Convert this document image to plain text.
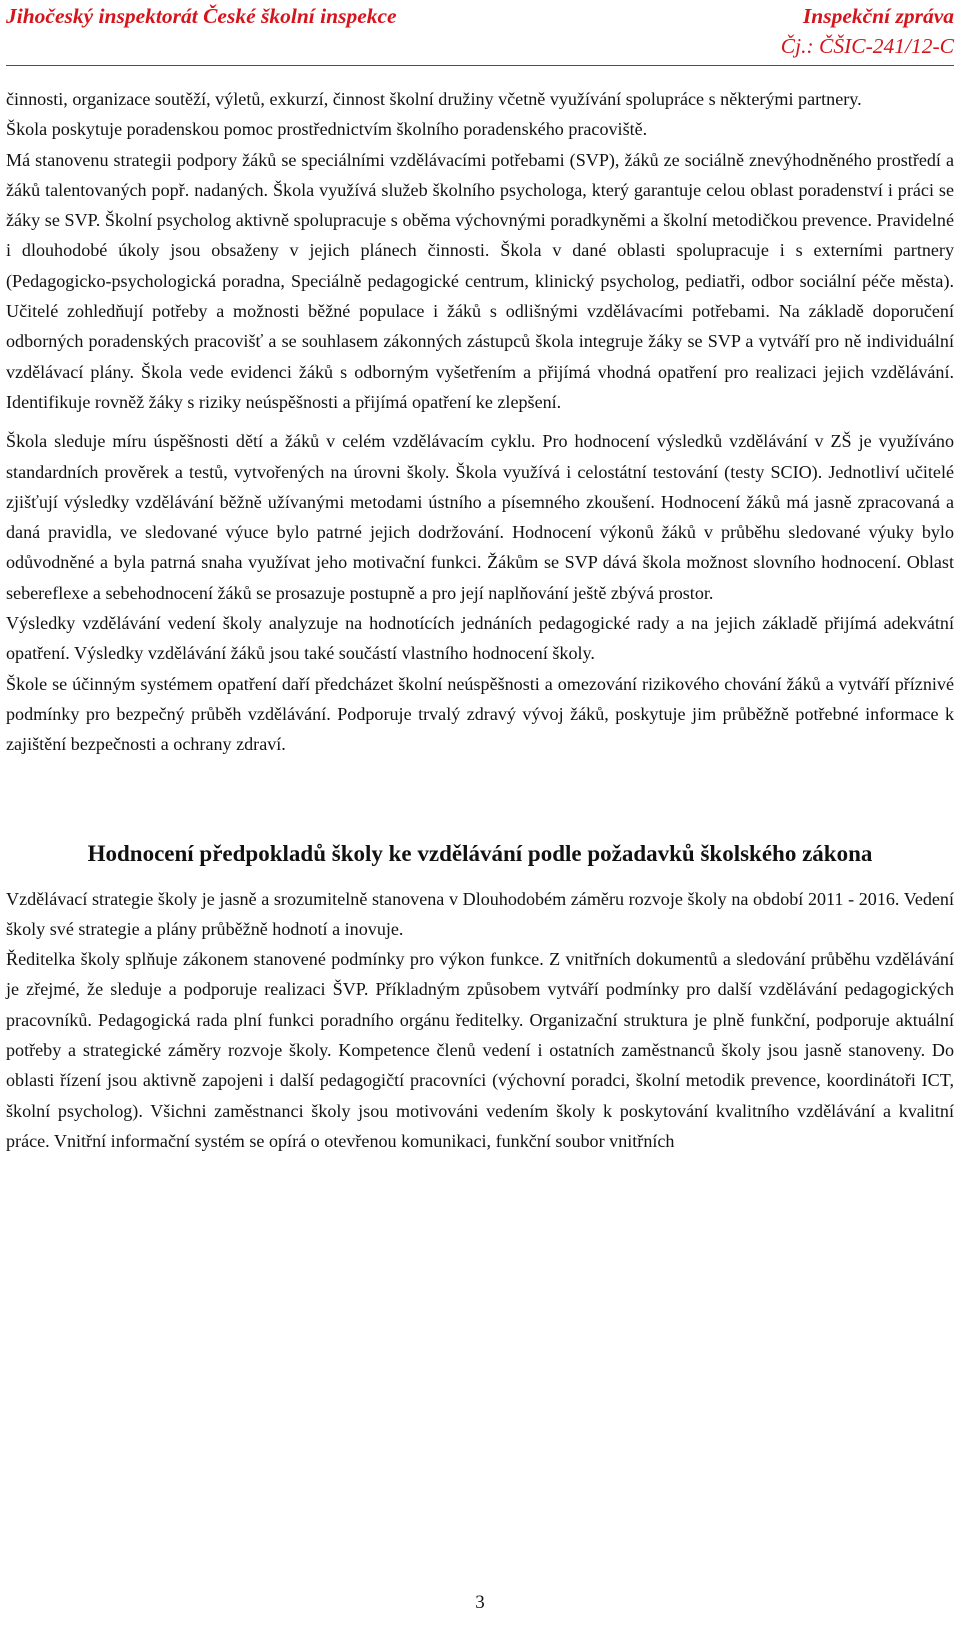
Jihočeský inspektorát České školní inspekce	Inspekční zpráva
Čj.: ČŠIC-241/12-C

činnosti, organizace soutěží, výletů, exkurzí, činnost školní družiny včetně využívání spolupráce s některými partnery.

Škola poskytuje poradenskou pomoc prostřednictvím školního poradenského pracoviště.

Má stanovenu strategii podpory žáků se speciálními vzdělávacími potřebami (SVP), žáků ze sociálně znevýhodněného prostředí a žáků talentovaných popř. nadaných. Škola využívá služeb školního psychologa, který garantuje celou oblast poradenství i práci se žáky se SVP. Školní psycholog aktivně spolupracuje s oběma výchovnými poradkyněmi a školní metodičkou prevence. Pravidelné i dlouhodobé úkoly jsou obsaženy v jejich plánech činnosti. Škola v dané oblasti spolupracuje i s externími partnery (Pedagogicko-psychologická poradna, Speciálně pedagogické centrum, klinický psycholog, pediatři, odbor sociální péče města). Učitelé zohledňují potřeby a možnosti běžné populace i žáků s odlišnými vzdělávacími potřebami. Na základě doporučení odborných poradenských pracovišť a se souhlasem zákonných zástupců škola integruje žáky se SVP a vytváří pro ně individuální vzdělávací plány. Škola vede evidenci žáků s odborným vyšetřením a přijímá vhodná opatření pro realizaci jejich vzdělávání. Identifikuje rovněž žáky s riziky neúspěšnosti a přijímá opatření ke zlepšení.

Škola sleduje míru úspěšnosti dětí a žáků v celém vzdělávacím cyklu. Pro hodnocení výsledků vzdělávání v ZŠ je využíváno standardních prověrek a testů, vytvořených na úrovni školy. Škola využívá i celostátní testování (testy SCIO). Jednotliví učitelé zjišťují výsledky vzdělávání běžně užívanými metodami ústního a písemného zkoušení. Hodnocení žáků má jasně zpracovaná a daná pravidla, ve sledované výuce bylo patrné jejich dodržování. Hodnocení výkonů žáků v průběhu sledované výuky bylo odůvodněné a byla patrná snaha využívat jeho motivační funkci. Žákům se SVP dává škola možnost slovního hodnocení. Oblast sebereflexe a sebehodnocení žáků se prosazuje postupně a pro její naplňování ještě zbývá prostor.

Výsledky vzdělávání vedení školy analyzuje na hodnotících jednáních pedagogické rady a na jejich základě přijímá adekvátní opatření. Výsledky vzdělávání žáků jsou také součástí vlastního hodnocení školy.

Škole se účinným systémem opatření daří předcházet školní neúspěšnosti a omezování rizikového chování žáků a vytváří příznivé podmínky pro bezpečný průběh vzdělávání. Podporuje trvalý zdravý vývoj žáků, poskytuje jim průběžně potřebné informace k zajištění bezpečnosti a ochrany zdraví.

Hodnocení předpokladů školy ke vzdělávání podle požadavků školského zákona

Vzdělávací strategie školy je jasně a srozumitelně stanovena v Dlouhodobém záměru rozvoje školy na období 2011 - 2016. Vedení školy své strategie a plány průběžně hodnotí a inovuje.

Ředitelka školy splňuje zákonem stanovené podmínky pro výkon funkce. Z vnitřních dokumentů a sledování průběhu vzdělávání je zřejmé, že sleduje a podporuje realizaci ŠVP. Příkladným způsobem vytváří podmínky pro další vzdělávání pedagogických pracovníků. Pedagogická rada plní funkci poradního orgánu ředitelky. Organizační struktura je plně funkční, podporuje aktuální potřeby a strategické záměry rozvoje školy. Kompetence členů vedení i ostatních zaměstnanců školy jsou jasně stanoveny. Do oblasti řízení jsou aktivně zapojeni i další pedagogičtí pracovníci (výchovní poradci, školní metodik prevence, koordinátoři ICT, školní psycholog). Všichni zaměstnanci školy jsou motivováni vedením školy k poskytování kvalitního vzdělávání a kvalitní práce. Vnitřní informační systém se opírá o otevřenou komunikaci, funkční soubor vnitřních

3
